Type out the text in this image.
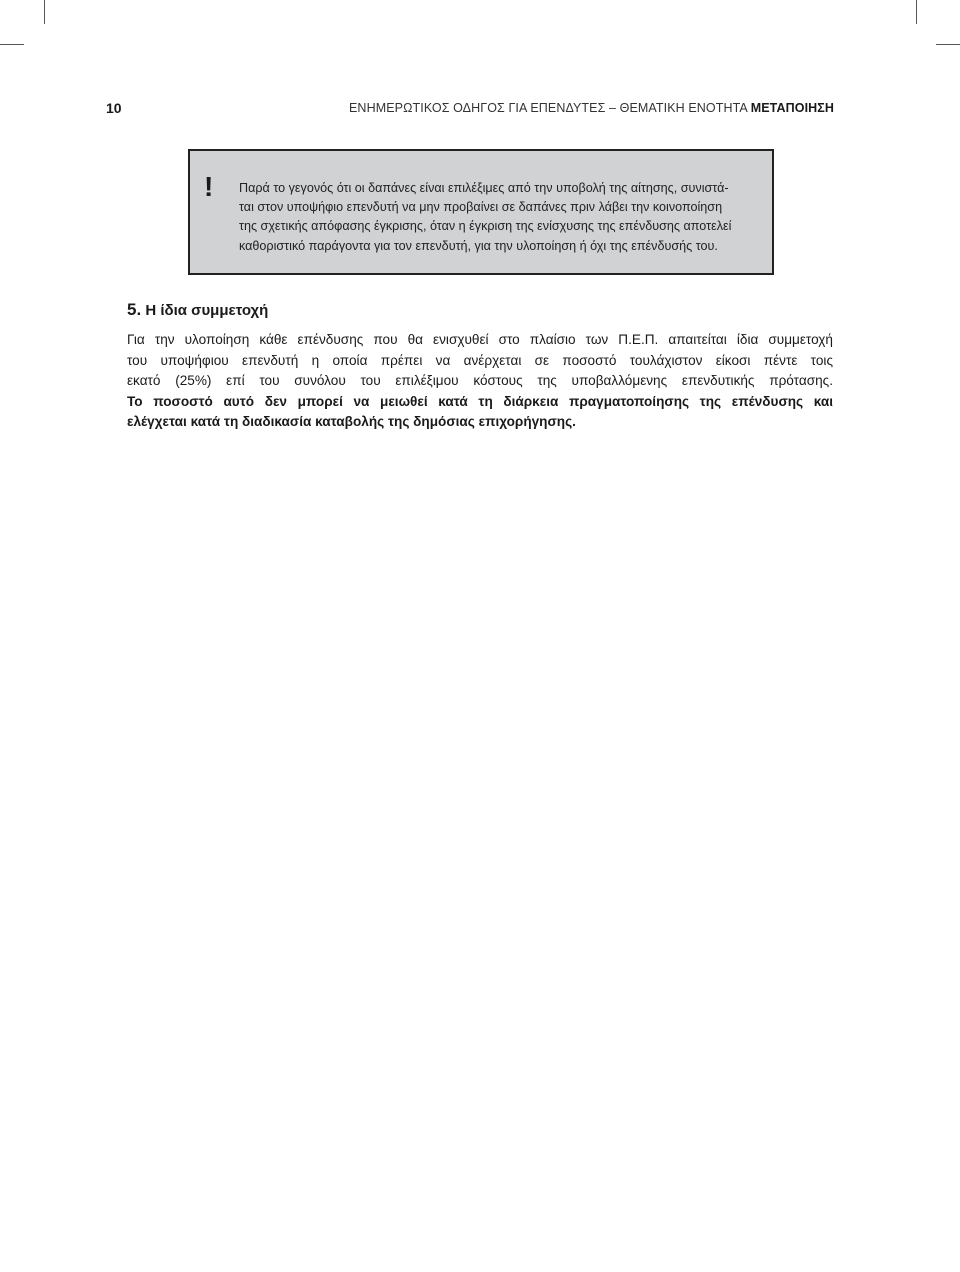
10	ΕΝΗΜΕΡΩΤΙΚΟΣ ΟΔΗΓΟΣ ΓΙΑ ΕΠΕΝΔΥΤΕΣ – ΘΕΜΑΤΙΚΗ ΕΝΟΤΗΤΑ ΜΕΤΑΠΟΙΗΣΗ
! Παρά το γεγονός ότι οι δαπάνες είναι επιλέξιμες από την υποβολή της αίτησης, συνιστά-
ται στον υποψήφιο επενδυτή να μην προβαίνει σε δαπάνες πριν λάβει την κοινοποίηση
της σχετικής απόφασης έγκρισης, όταν η έγκριση της ενίσχυσης της επένδυσης αποτελεί
καθοριστικό παράγοντα για τον επενδυτή, για την υλοποίηση ή όχι της επένδυσής του.
5. Η ίδια συμμετοχή
Για την υλοποίηση κάθε επένδυσης που θα ενισχυθεί στο πλαίσιο των Π.Ε.Π. απαιτείται ίδια συμμετοχή
του υποψήφιου επενδυτή η οποία πρέπει να ανέρχεται σε ποσοστό τουλάχιστον είκοσι πέντε τοις
εκατό (25%) επί του συνόλου του επιλέξιμου κόστους της υποβαλλόμενης επενδυτικής πρότασης.
Το ποσοστό αυτό δεν μπορεί να μειωθεί κατά τη διάρκεια πραγματοποίησης της επένδυσης και
ελέγχεται κατά τη διαδικασία καταβολής της δημόσιας επιχορήγησης.
